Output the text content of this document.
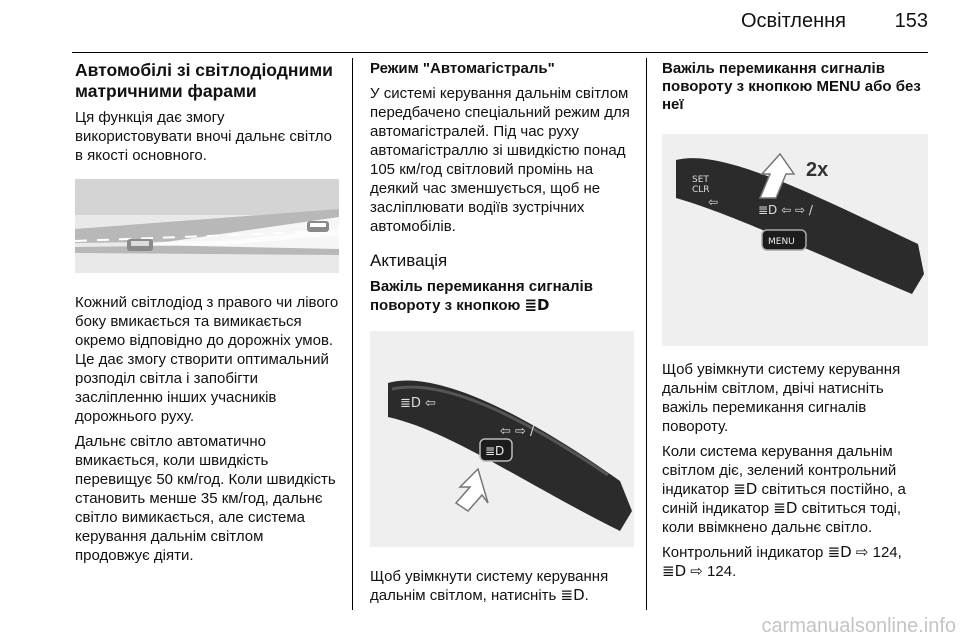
Освітлення	153
Автомобілі зі світлодіодними матричними фарами

Ця функція дає змогу використовувати вночі дальнє світло в якості основного.

Кожний світлодіод з правого чи лівого боку вмикається та вимикається окремо відповідно до дорожніх умов. Це дає змогу створити оптимальний розподіл світла і запобігти засліпленню інших учасників дорожнього руху.

Дальнє світло автоматично вмикається, коли швидкість перевищує 50 км/год. Коли швидкість становить менше 35 км/год, дальнє світло вимикається, але система керування дальнім світлом продовжує діяти.

Режим "Автомагістраль"

У системі керування дальнім світлом передбачено спеціальний режим для автомагістралей. Під час руху автомагістраллю зі швидкістю понад 105 км/год світловий промінь на деякий час зменшується, щоб не засліплювати водіїв зустрічних автомобілів.

Активація
Важіль перемикання сигналів повороту з кнопкою ≣D
≣D ⇦
⇦ ⇨ /
≣D

Щоб увімкнути систему керування дальнім світлом, натисніть ≣D.

Важіль перемикання сигналів повороту з кнопкою MENU або без неї
SET
CLR
⇦
≣D ⇦ ⇨ /
MENU
2x

Щоб увімкнути систему керування дальнім світлом, двічі натисніть важіль перемикання сигналів повороту.

Коли система керування дальнім світлом діє, зелений контрольний індикатор ≣D світиться постійно, а синій індикатор ≣D світиться тоді, коли ввімкнено дальнє світло.

Контрольний індикатор ≣D ⇨ 124,
≣D ⇨ 124.

carmanualsonline.info
